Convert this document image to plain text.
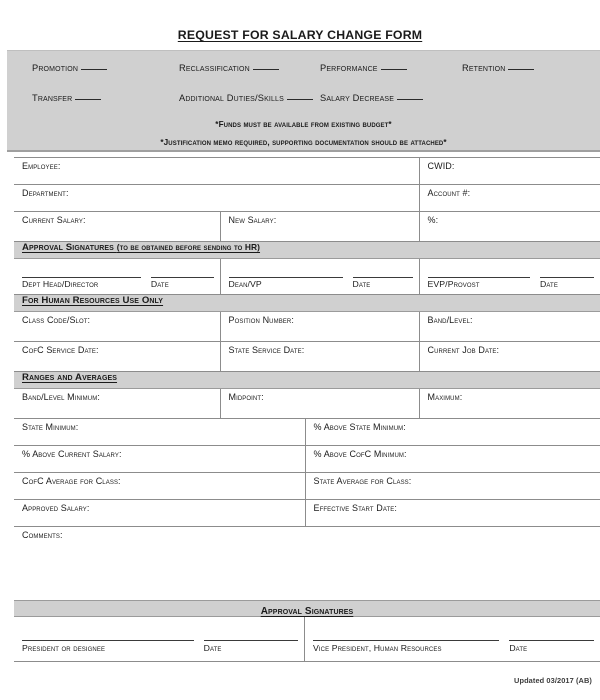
REQUEST FOR SALARY CHANGE FORM
Promotion	Reclassification	Performance	Retention
Transfer	Additional Duties/Skills	Salary Decrease
*Funds must be available from existing budget*
*Justification memo required, supporting documentation should be attached*
Employee:			CWID:
Department:			Account #:
Current Salary:	New Salary:		%:
Approval Signatures (to be obtained before sending to HR)			

Dept Head/Director	Date	Dean/VP	Date	EVP/Provost	Date

For Human Resources Use Only			
Class Code/Slot:	Position Number:		Band/Level:
CofC Service Date:	State Service Date:		Current Job Date:
Ranges and Averages			
Band/Level Minimum:	Midpoint:		Maximum:
State Minimum:		% Above State Minimum:	
% Above Current Salary:		% Above CofC Minimum:	
CofC Average for Class:		State Average for Class:	
Approved Salary:		Effective Start Date:	
Comments:			
Approval Signatures
President or designee	Date	Vice President, Human Resources	Date
Updated 03/2017 (AB)
